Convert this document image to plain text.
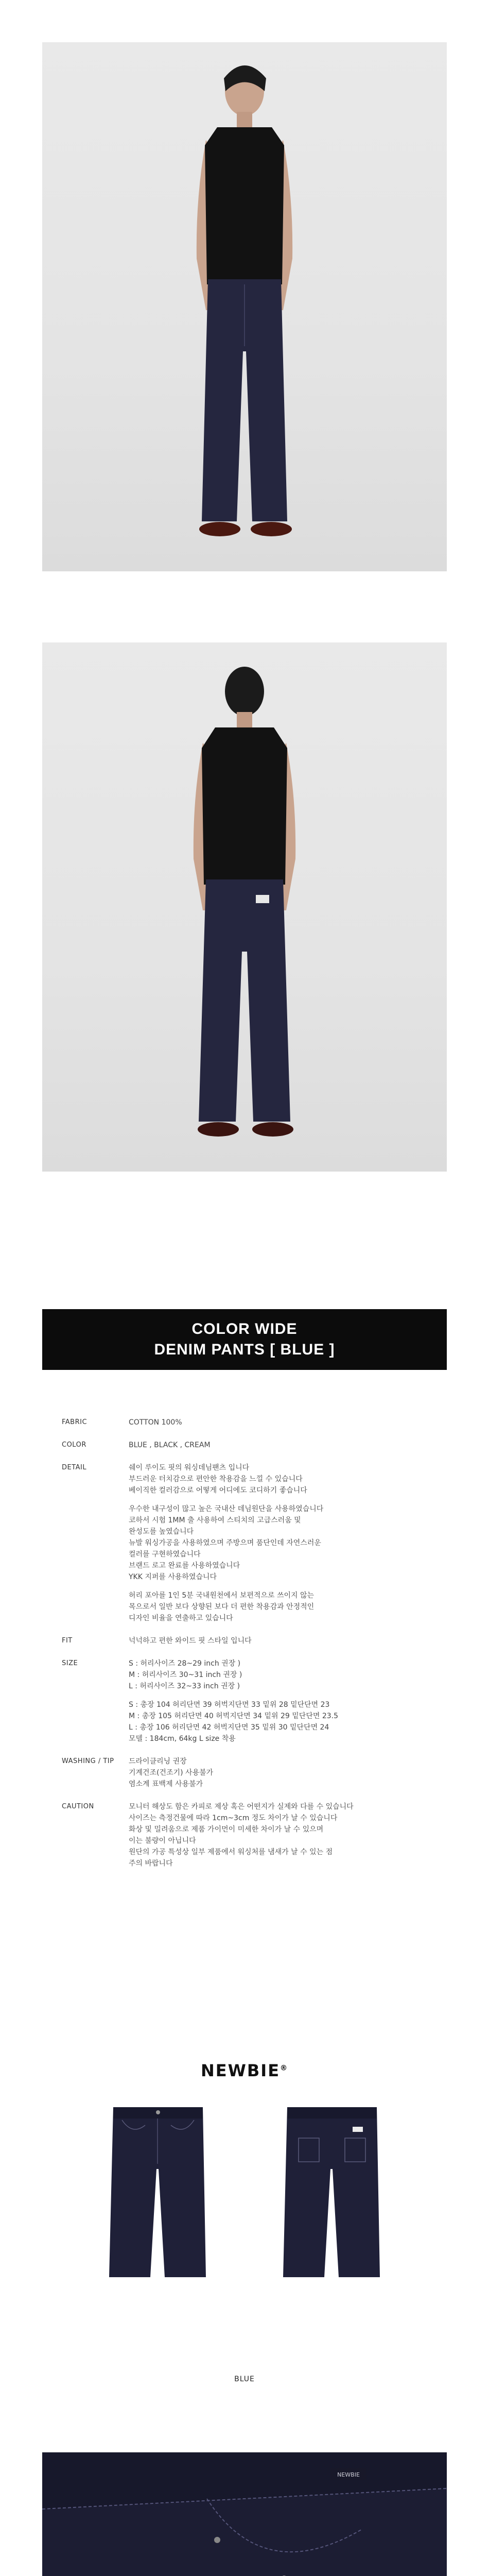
COLOR WIDE
DENIM PANTS [ BLUE ]
FABRIC	COTTON 100%

COLOR	BLUE , BLACK , CREAM

DETAIL	쉐이 루이도 핏의 워싱데님팬츠 입니다

부드러운 터치감으로 편안한 착용감을 느낄 수 있습니다

베이직한 컬러감으로 어떻게 어디에도 코디하기 좋습니다

우수한 내구성이 많고 높은 국내산 데님원단을 사용하였습니다

코하서 시험 1MM 출 사용하여 스티치의 고급스러움 및

완성도를 높였습니다

뉴발 워싱가공을 사용하였으며 주방으며 품단인데 자연스러운

컬러를 구현하였습니다

브랜드 로고 완료를 사용하였습니다

YKK 지퍼를 사용하였습니다

허리 포아를 1인 5분 국내원천에서 보편적으로 쓰이지 않는

목으로서 일반 보다 상향된 보다 더 편한 착용감과 안정적인

디자인 비율을 연출하고 있습니다

FIT	넉넉하고 편한 와이드 핏 스타일 입니다

SIZE	S : 허리사이즈 28~29 inch 권장 )

M : 허리사이즈 30~31 inch 권장 )

L : 허리사이즈 32~33 inch 권장 )

S : 총장 104 허리단면 39 허벅지단면 33 밑위 28 밑단단면 23

M : 총장 105 허리단면 40 허벅지단면 34 밑위 29 밑단단면 23.5

L : 총장 106 허리단면 42 허벅지단면 35 밑위 30 밑단단면 24

모델 : 184cm, 64kg L size 착용

WASHING / TIP	드라이클리닝 권장

기계건조(건조기) 사용불가

염소계 표백제 사용불가

CAUTION	모니터 해상도 함은 카피로 제상 혹은 어떤지가 실제와 다를 수 있습니다

사이즈는 측정건물에 따라 1cm~3cm 정도 차이가 날 수 있습니다

화상 및 밀려움으로 제품 가이먼이 미세한 차이가 날 수 있으며

이는 불량이 아닙니다

원단의 가공 특성상 일부 제품에서 워싱처를 냄새가 날 수 있는 점

주의 바랍니다

NEWBIE®
BLUE
NEWBIE
